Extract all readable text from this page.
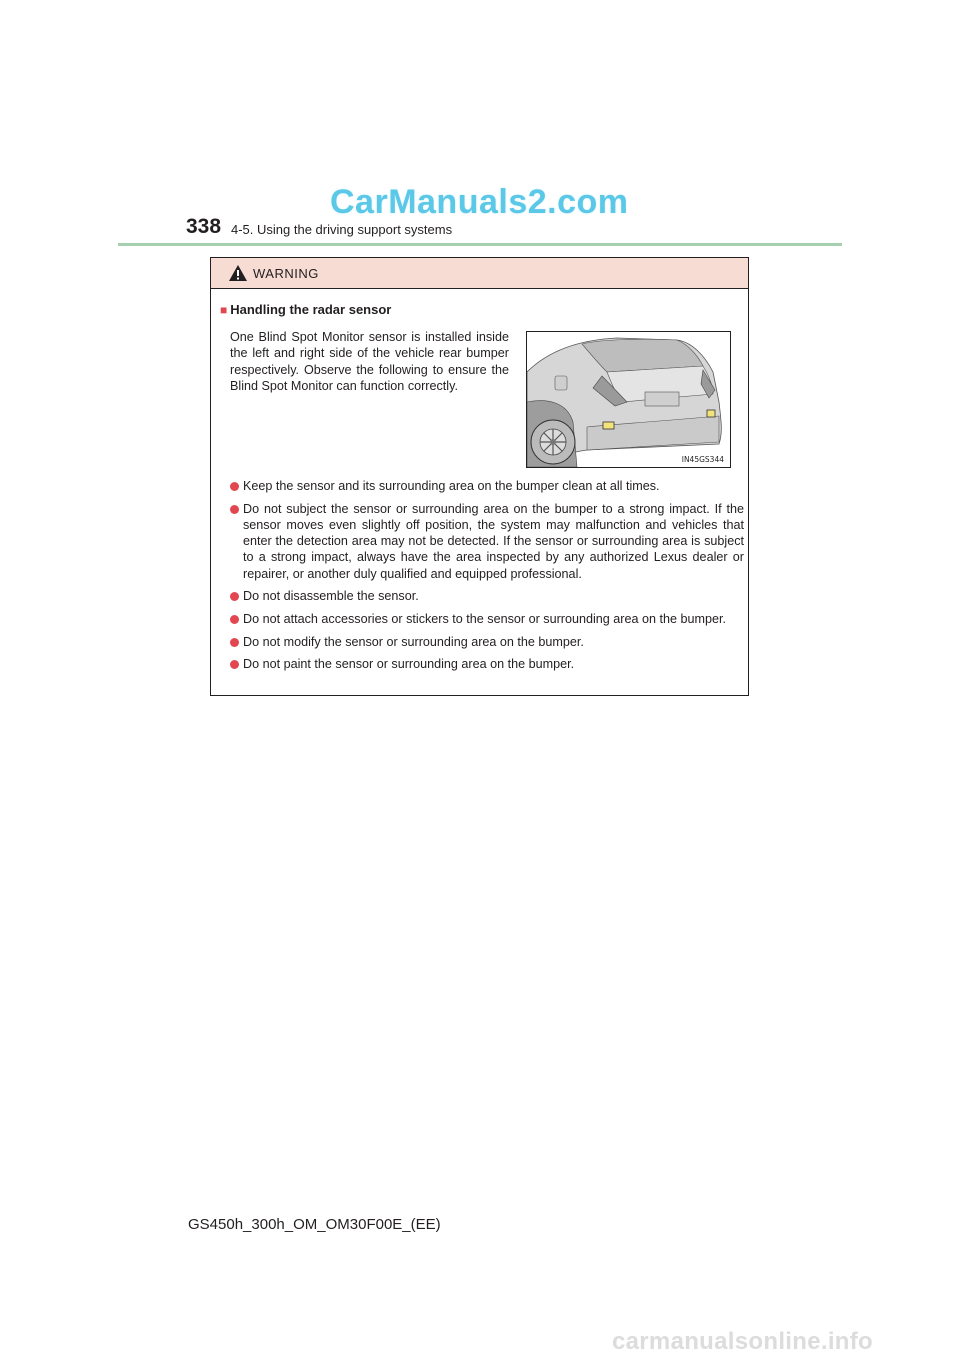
CarManuals2.com
338 4-5. Using the driving support systems
WARNING
■ Handling the radar sensor
One Blind Spot Monitor sensor is installed inside the left and right side of the vehicle rear bumper respectively. Observe the following to ensure the Blind Spot Monitor can function correctly.
IN45GS344
Keep the sensor and its surrounding area on the bumper clean at all times.
Do not subject the sensor or surrounding area on the bumper to a strong impact. If the sensor moves even slightly off position, the system may malfunction and vehicles that enter the detection area may not be detected. If the sensor or surrounding area is subject to a strong impact, always have the area inspected by any authorized Lexus dealer or repairer, or another duly qualified and equipped professional.
Do not disassemble the sensor.
Do not attach accessories or stickers to the sensor or surrounding area on the bumper.
Do not modify the sensor or surrounding area on the bumper.
Do not paint the sensor or surrounding area on the bumper.
GS450h_300h_OM_OM30F00E_(EE)
carmanualsonline.info
